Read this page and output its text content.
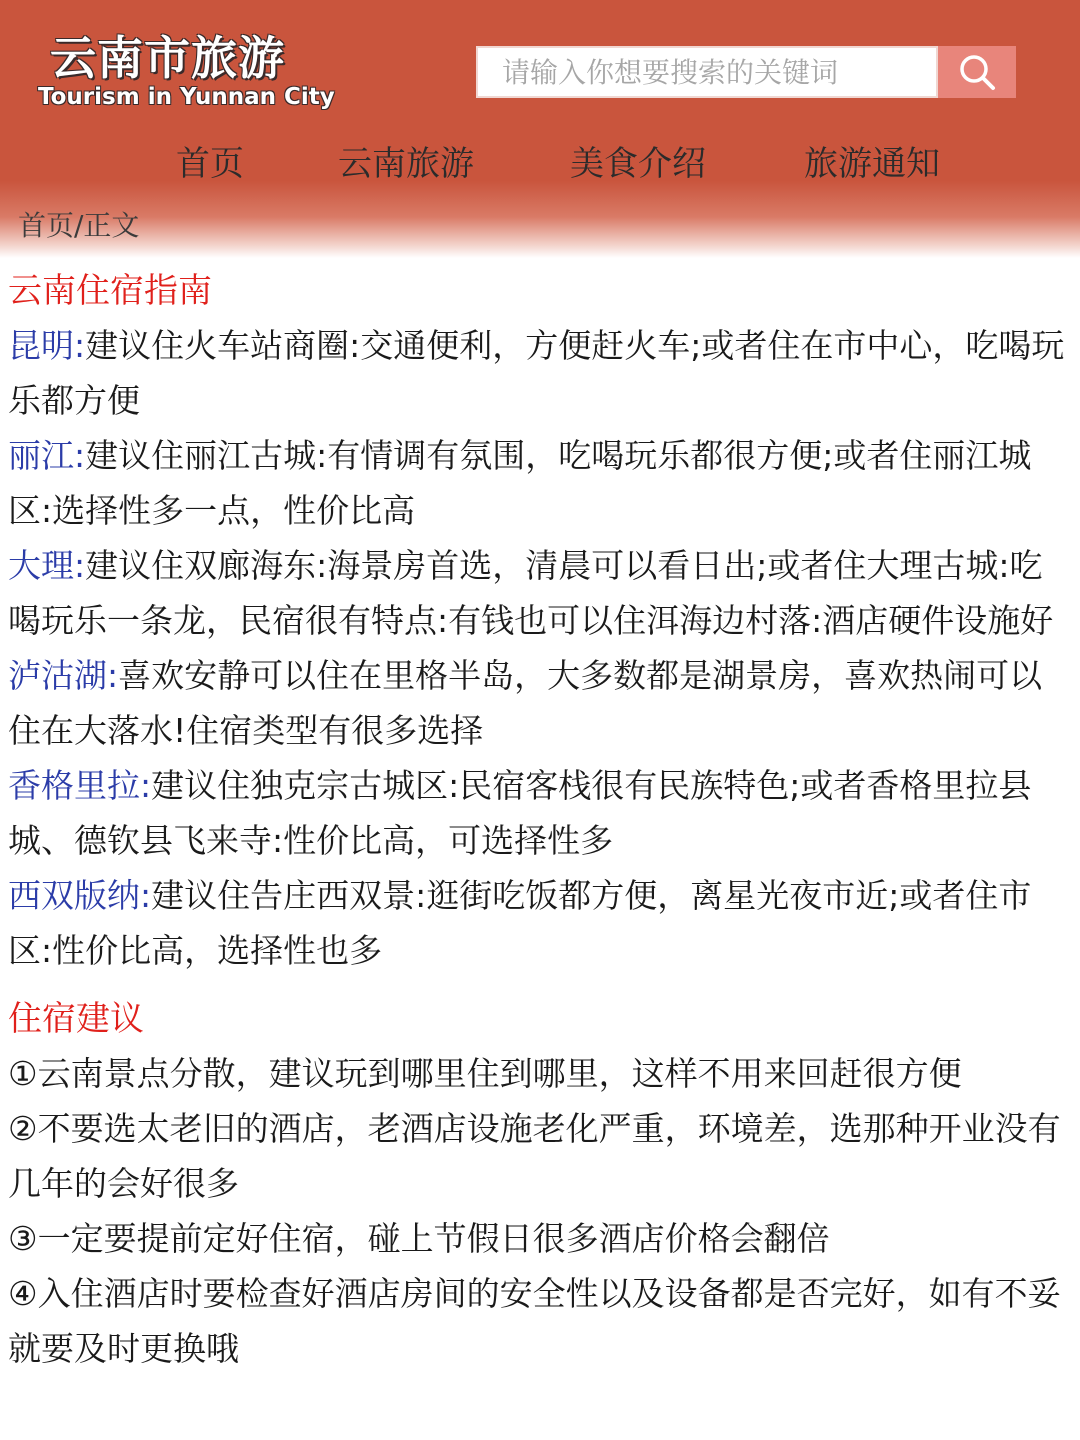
云南市旅游
Tourism in Yunnan City
请输入你想要搜索的关键词
首页	云南旅游	美食介绍	旅游通知
首页/正文
云南住宿指南

昆明:建议住火车站商圈:交通便利，方便赶火车;或者住在市中心，吃喝玩乐都方便

丽江:建议住丽江古城:有情调有氛围，吃喝玩乐都很方便;或者住丽江城区:选择性多一点，性价比高

大理:建议住双廊海东:海景房首选，清晨可以看日出;或者住大理古城:吃喝玩乐一条龙，民宿很有特点:有钱也可以住洱海边村落:酒店硬件设施好

泸沽湖:喜欢安静可以住在里格半岛，大多数都是湖景房，喜欢热闹可以住在大落水!住宿类型有很多选择

香格里拉:建议住独克宗古城区:民宿客栈很有民族特色;或者香格里拉县城、德钦县飞来寺:性价比高，可选择性多

西双版纳:建议住告庄西双景:逛街吃饭都方便，离星光夜市近;或者住市区:性价比高，选择性也多

住宿建议

①云南景点分散，建议玩到哪里住到哪里，这样不用来回赶很方便

②不要选太老旧的酒店，老酒店设施老化严重，环境差，选那种开业没有几年的会好很多

③一定要提前定好住宿，碰上节假日很多酒店价格会翻倍

④入住酒店时要检查好酒店房间的安全性以及设备都是否完好，如有不妥就要及时更换哦
